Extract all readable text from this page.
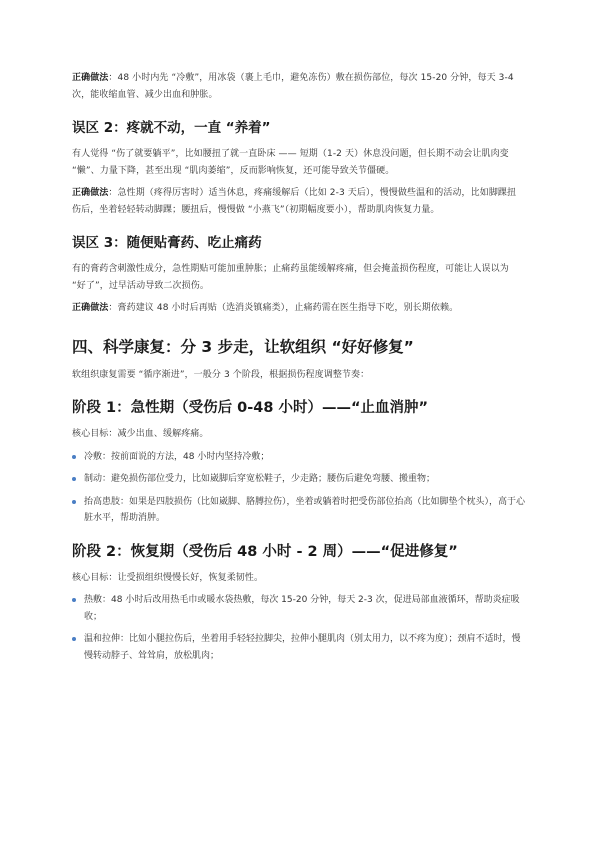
正确做法：48 小时内先 “冷敷”，用冰袋（裹上毛巾，避免冻伤）敷在损伤部位，每次 15-20 分钟，每天 3-4 次，能收缩血管、减少出血和肿胀。

误区 2：疼就不动，一直 “养着”

有人觉得 “伤了就要躺平”，比如腰扭了就一直卧床 —— 短期（1-2 天）休息没问题，但长期不动会让肌肉变 “懒”、力量下降，甚至出现 “肌肉萎缩”，反而影响恢复，还可能导致关节僵硬。

正确做法：急性期（疼得厉害时）适当休息，疼痛缓解后（比如 2-3 天后），慢慢做些温和的活动，比如脚踝扭伤后，坐着轻轻转动脚踝；腰扭后，慢慢做 “小燕飞”（初期幅度要小），帮助肌肉恢复力量。

误区 3：随便贴膏药、吃止痛药

有的膏药含刺激性成分，急性期贴可能加重肿胀；止痛药虽能缓解疼痛，但会掩盖损伤程度，可能让人误以为 “好了”，过早活动导致二次损伤。

正确做法：膏药建议 48 小时后再贴（选消炎镇痛类），止痛药需在医生指导下吃，别长期依赖。

四、科学康复：分 3 步走，让软组织 “好好修复”

软组织康复需要 “循序渐进”，一般分 3 个阶段，根据损伤程度调整节奏：

阶段 1：急性期（受伤后 0-48 小时）——“止血消肿”

核心目标：减少出血、缓解疼痛。

冷敷：按前面说的方法，48 小时内坚持冷敷；
制动：避免损伤部位受力，比如崴脚后穿宽松鞋子，少走路；腰伤后避免弯腰、搬重物；
抬高患肢：如果是四肢损伤（比如崴脚、胳膊拉伤），坐着或躺着时把受伤部位抬高（比如脚垫个枕头），高于心脏水平，帮助消肿。
阶段 2：恢复期（受伤后 48 小时 - 2 周）——“促进修复”

核心目标：让受损组织慢慢长好，恢复柔韧性。

热敷：48 小时后改用热毛巾或暖水袋热敷，每次 15-20 分钟，每天 2-3 次，促进局部血液循环，帮助炎症吸收；
温和拉伸：比如小腿拉伤后，坐着用手轻轻拉脚尖，拉伸小腿肌肉（别太用力，以不疼为度）；颈肩不适时，慢慢转动脖子、耸耸肩，放松肌肉；
